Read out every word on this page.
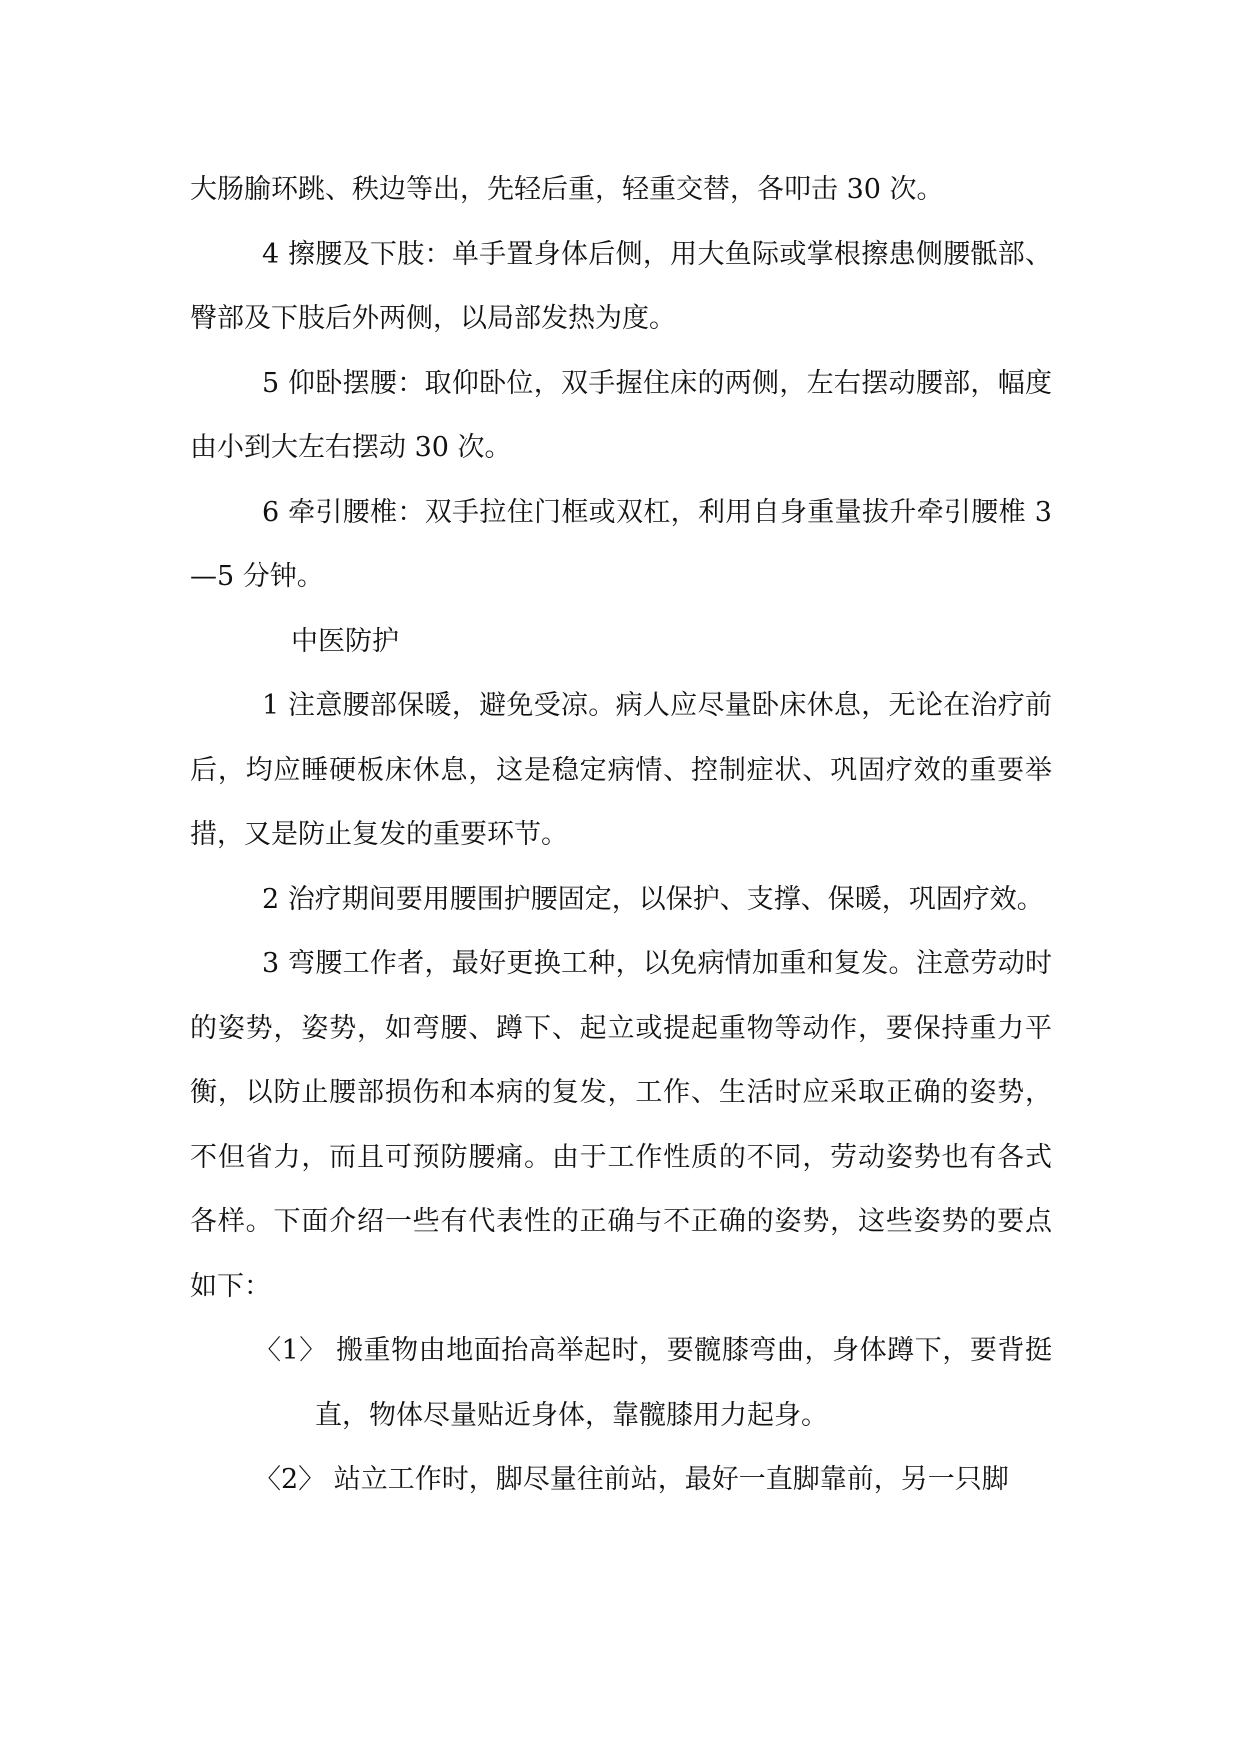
大肠腧环跳、秩边等出，先轻后重，轻重交替，各叩击 30 次。

4 擦腰及下肢：单手置身体后侧，用大鱼际或掌根擦患侧腰骶部、臀部及下肢后外两侧，以局部发热为度。

5 仰卧摆腰：取仰卧位，双手握住床的两侧，左右摆动腰部，幅度由小到大左右摆动 30 次。

6 牵引腰椎：双手拉住门框或双杠，利用自身重量拔升牵引腰椎 3—5 分钟。

中医防护

1 注意腰部保暖，避免受凉。病人应尽量卧床休息，无论在治疗前后，均应睡硬板床休息，这是稳定病情、控制症状、巩固疗效的重要举措，又是防止复发的重要环节。

2 治疗期间要用腰围护腰固定，以保护、支撑、保暖，巩固疗效。

3 弯腰工作者，最好更换工种，以免病情加重和复发。注意劳动时的姿势，姿势，如弯腰、蹲下、起立或提起重物等动作，要保持重力平衡，以防止腰部损伤和本病的复发，工作、生活时应采取正确的姿势，不但省力，而且可预防腰痛。由于工作性质的不同，劳动姿势也有各式各样。下面介绍一些有代表性的正确与不正确的姿势，这些姿势的要点如下：

〈1〉 搬重物由地面抬高举起时，要髋膝弯曲，身体蹲下，要背挺直，物体尽量贴近身体，靠髋膝用力起身。

〈2〉 站立工作时，脚尽量往前站，最好一直脚靠前，另一只脚
